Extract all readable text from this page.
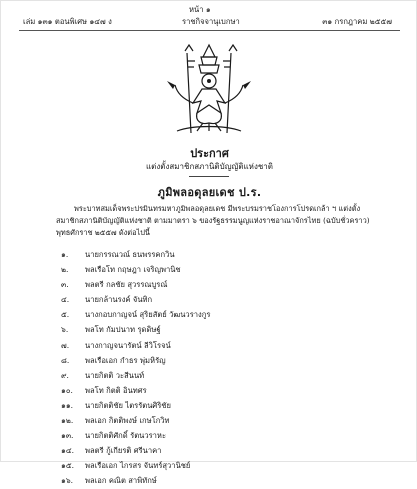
หน้า ๑
เล่ม ๑๓๑ ตอนพิเศษ ๑๔๗ ง	ราชกิจจานุเบกษา	๓๑ กรกฎาคม ๒๕๕๗
ประกาศ
แต่งตั้งสมาชิกสภานิติบัญญัติแห่งชาติ
ภูมิพลอดุลยเดช ป.ร.
พระบาทสมเด็จพระปรมินทรมหาภูมิพลอดุลยเดช มีพระบรมราชโองการโปรดเกล้า ฯ แต่งตั้ง
สมาชิกสภานิติบัญญัติแห่งชาติ ตามมาตรา ๖ ของรัฐธรรมนูญแห่งราชอาณาจักรไทย (ฉบับชั่วคราว)
พุทธศักราช ๒๕๕๗ ดังต่อไปนี้
๑. นายกรรณวณ์ ธนพรรคกวิน
๒. พลเรือโท กฤษฎา เจริญพานิช
๓. พลตรี กลชัย สุวรรณบูรณ์
๔. นายกล้านรงค์ จันทิก
๕. นางกอบกาญจน์ สุริยสัตย์ วัฒนวรางกูร
๖. พลโท กัมปนาท รุดดิษฐ์
๗. นางกาญจนารัตน์ ลีวิโรจน์
๘. พลเรือเอก กำธร พุ่มหิรัญ
๙. นายกิตติ วะสีนนท์
๑๐. พลโท กิตติ อินทศร
๑๑. นายกิตติชัย ไตรรัตนศิริชัย
๑๒. พลเอก กิตติพงษ์ เกษโกวิท
๑๓. นายกิตติศักดิ์ รัตนวราหะ
๑๔. พลตรี กู้เกียรติ ศรีนาคา
๑๕. พลเรือเอก ไกรสร จันทร์สุวานิชย์
๑๖. พลเอก คณิต สาพิทักษ์
